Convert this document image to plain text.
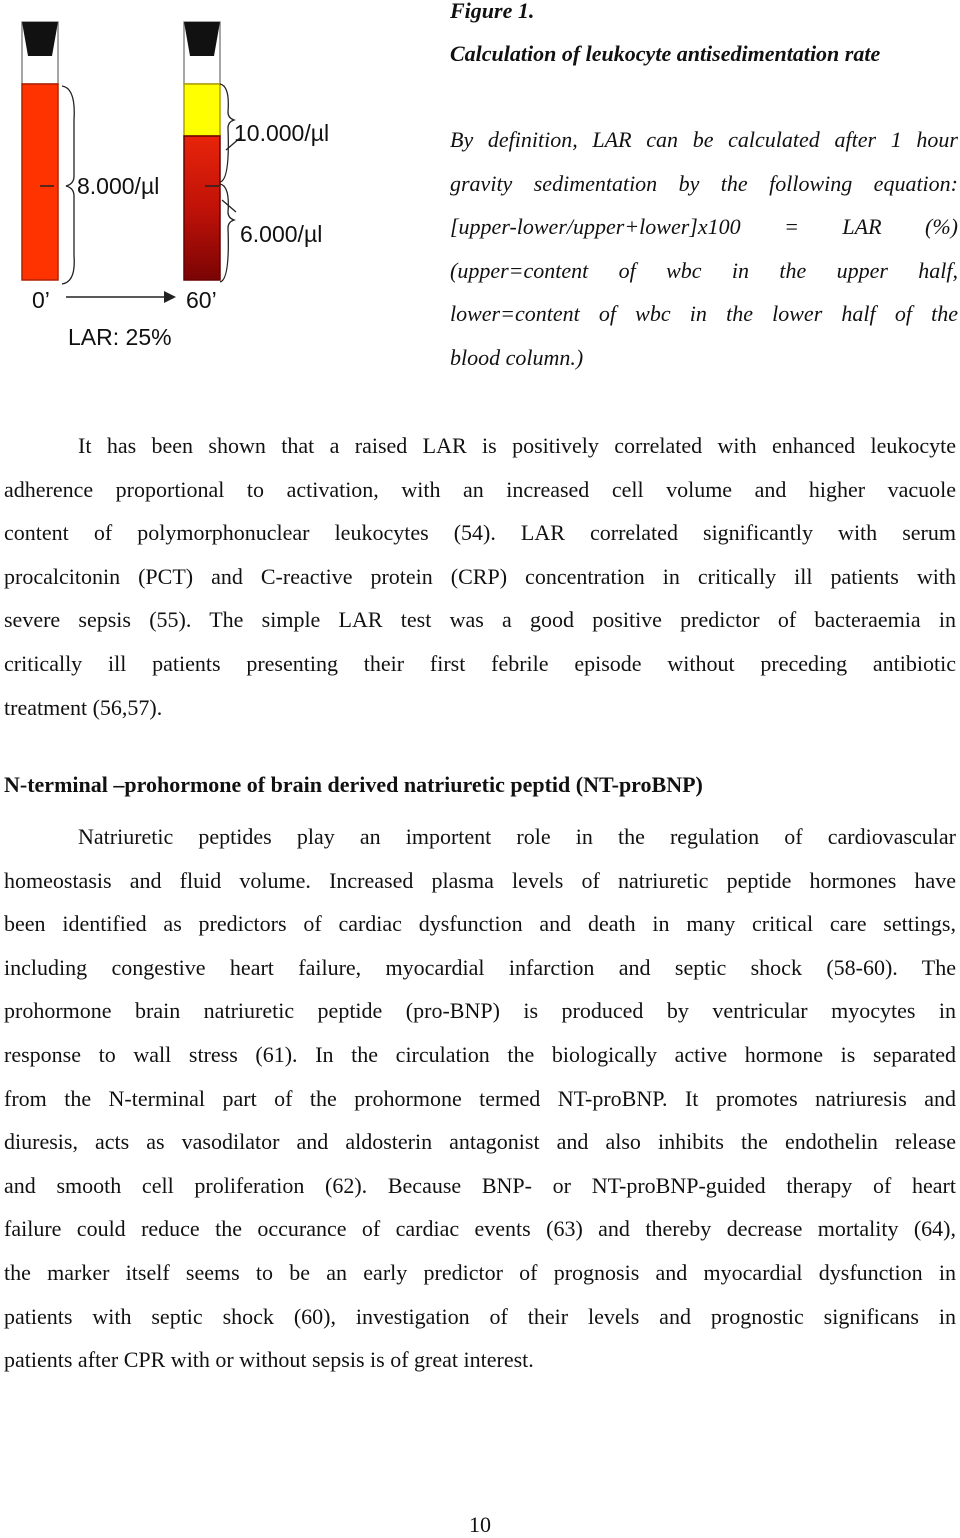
8.000/µl
10.000/µl
6.000/µl
0’	60’
LAR: 25%
Figure 1.
Calculation of leukocyte antisedimentation rate
By definition, LAR can be calculated after 1 hour
gravity sedimentation by the following equation:
[upper-lower/upper+lower]x100 = LAR (%)
(upper=content of wbc in the upper half,
lower=content of wbc in the lower half of the
blood column.)
It has been shown that a raised LAR is positively correlated with enhanced leukocyte
adherence proportional to activation, with an increased cell volume and higher vacuole
content of polymorphonuclear leukocytes (54). LAR correlated significantly with serum
procalcitonin (PCT) and C-reactive protein (CRP) concentration in critically ill patients with
severe sepsis (55). The simple LAR test was a good positive predictor of bacteraemia in
critically ill patients presenting their first febrile episode without preceding antibiotic
treatment (56,57).
N-terminal –prohormone of brain derived natriuretic peptid (NT-proBNP)
Natriuretic peptides play an importent role in the regulation of cardiovascular
homeostasis and fluid volume. Increased plasma levels of natriuretic peptide hormones have
been identified as predictors of cardiac dysfunction and death in many critical care settings,
including congestive heart failure, myocardial infarction and septic shock (58-60). The
prohormone brain natriuretic peptide (pro-BNP) is produced by ventricular myocytes in
response to wall stress (61). In the circulation the biologically active hormone is separated
from the N-terminal part of the prohormone termed NT-proBNP. It promotes natriuresis and
diuresis, acts as vasodilator and aldosterin antagonist and also inhibits the endothelin release
and smooth cell proliferation (62). Because BNP- or NT-proBNP-guided therapy of heart
failure could reduce the occurance of cardiac events (63) and thereby decrease mortality (64),
the marker itself seems to be an early predictor of prognosis and myocardial dysfunction in
patients with septic shock (60), investigation of their levels and prognostic significans in
patients after CPR with or without sepsis is of great interest.
10
